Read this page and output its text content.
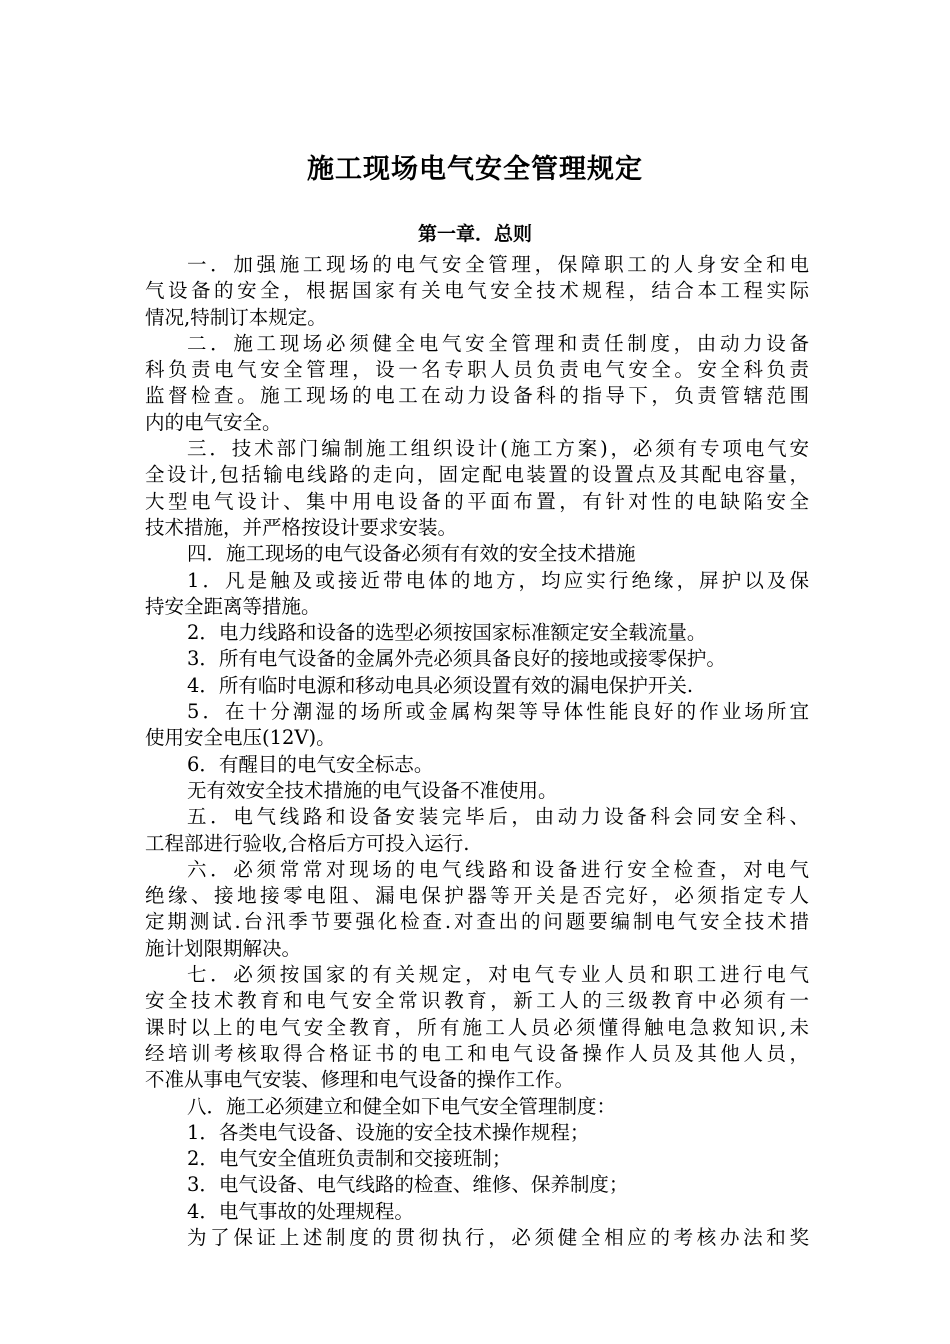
施工现场电气安全管理规定
第一章．总则
一．加强施工现场的电气安全管理，保障职工的人身安全和电
气设备的安全，根据国家有关电气安全技术规程，结合本工程实际
情况,特制订本规定。
二．施工现场必须健全电气安全管理和责任制度，由动力设备
科负责电气安全管理，设一名专职人员负责电气安全。安全科负责
监督检查。施工现场的电工在动力设备科的指导下，负责管辖范围
内的电气安全。
三．技术部门编制施工组织设计(施工方案)，必须有专项电气安
全设计,包括输电线路的走向，固定配电装置的设置点及其配电容量，
大型电气设计、集中用电设备的平面布置，有针对性的电缺陷安全
技术措施，并严格按设计要求安装。
四．施工现场的电气设备必须有有效的安全技术措施
1．凡是触及或接近带电体的地方，均应实行绝缘，屏护以及保
持安全距离等措施。
2．电力线路和设备的选型必须按国家标准额定安全载流量。
3．所有电气设备的金属外壳必须具备良好的接地或接零保护。
4．所有临时电源和移动电具必须设置有效的漏电保护开关.
5．在十分潮湿的场所或金属构架等导体性能良好的作业场所宜
使用安全电压(12V)。
6．有醒目的电气安全标志。
无有效安全技术措施的电气设备不准使用。
五．电气线路和设备安装完毕后，由动力设备科会同安全科、
工程部进行验收,合格后方可投入运行.
六．必须常常对现场的电气线路和设备进行安全检查，对电气
绝缘、接地接零电阻、漏电保护器等开关是否完好，必须指定专人
定期测试.台汛季节要强化检查.对查出的问题要编制电气安全技术措
施计划限期解决。
七．必须按国家的有关规定，对电气专业人员和职工进行电气
安全技术教育和电气安全常识教育，新工人的三级教育中必须有一
课时以上的电气安全教育，所有施工人员必须懂得触电急救知识,未
经培训考核取得合格证书的电工和电气设备操作人员及其他人员，
不准从事电气安装、修理和电气设备的操作工作。
八．施工必须建立和健全如下电气安全管理制度：
1．各类电气设备、设施的安全技术操作规程；
2．电气安全值班负责制和交接班制；
3．电气设备、电气线路的检查、维修、保养制度；
4．电气事故的处理规程。
为了保证上述制度的贯彻执行，必须健全相应的考核办法和奖
